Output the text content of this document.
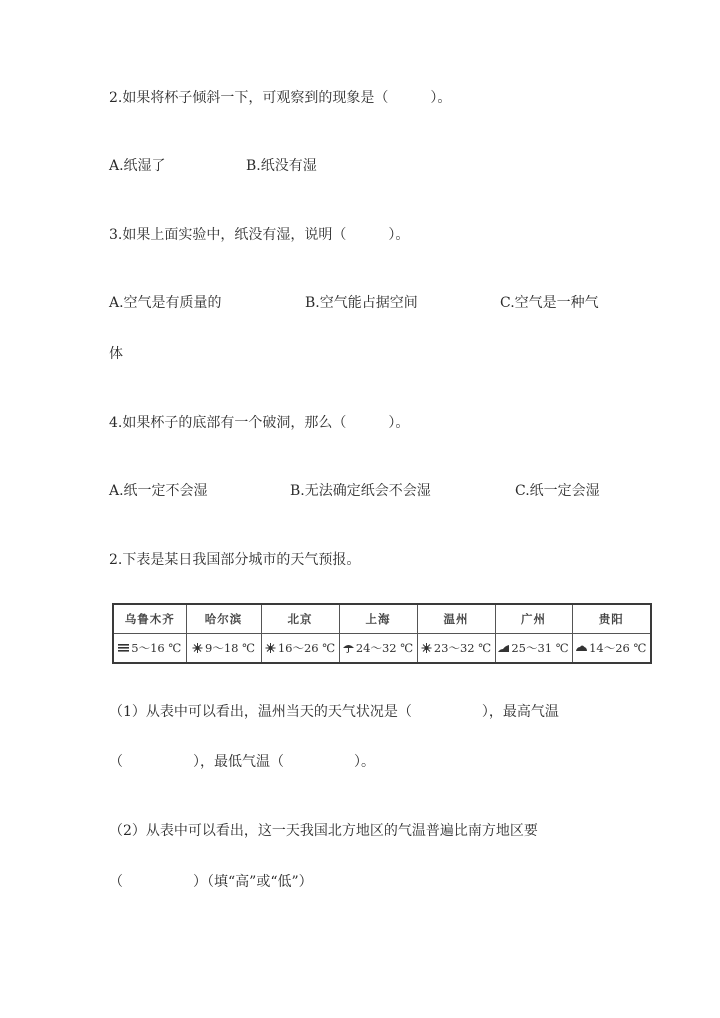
2.如果将杯子倾斜一下，可观察到的现象是（　　　）。
A.纸湿了	B.纸没有湿
3.如果上面实验中，纸没有湿，说明（　　　）。
A.空气是有质量的	B.空气能占据空间	C.空气是一种气
体
4.如果杯子的底部有一个破洞，那么（　　　）。
A.纸一定不会湿	B.无法确定纸会不会湿	C.纸一定会湿
2.下表是某日我国部分城市的天气预报。
乌鲁木齐	哈尔滨	北京	上海	温州	广州	贵阳
5～16 ℃	9～18 ℃	16～26 ℃	24～32 ℃	23～32 ℃	25～31 ℃	14～26 ℃
（1）从表中可以看出，温州当天的天气状况是（　　　　　），最高气温
（　　　　　），最低气温（　　　　　）。
（2）从表中可以看出，这一天我国北方地区的气温普遍比南方地区要
（　　　　　）（填“高”或“低”）
